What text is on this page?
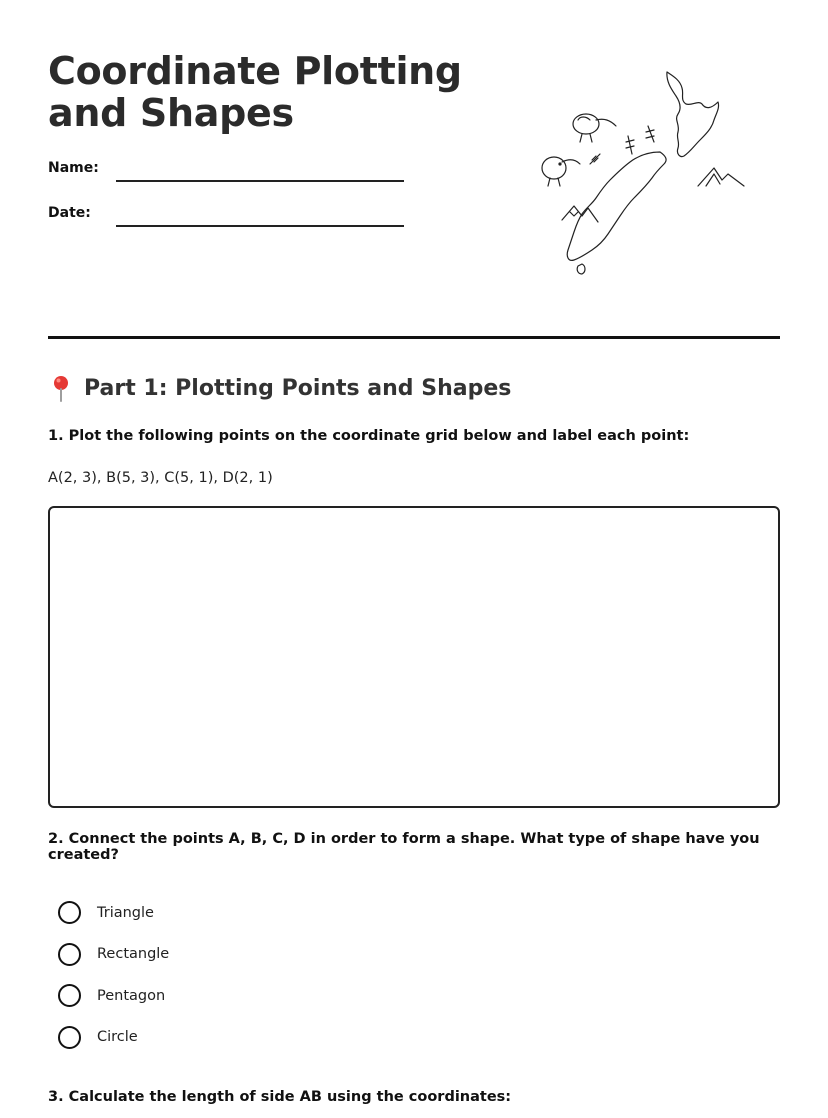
Coordinate Plotting and Shapes
Name:
Date:
Part 1: Plotting Points and Shapes

1. Plot the following points on the coordinate grid below and label each point:

A(2, 3), B(5, 3), C(5, 1), D(2, 1)

2. Connect the points A, B, C, D in order to form a shape. What type of shape have you created?

Triangle
Rectangle
Pentagon
Circle

3. Calculate the length of side AB using the coordinates:
